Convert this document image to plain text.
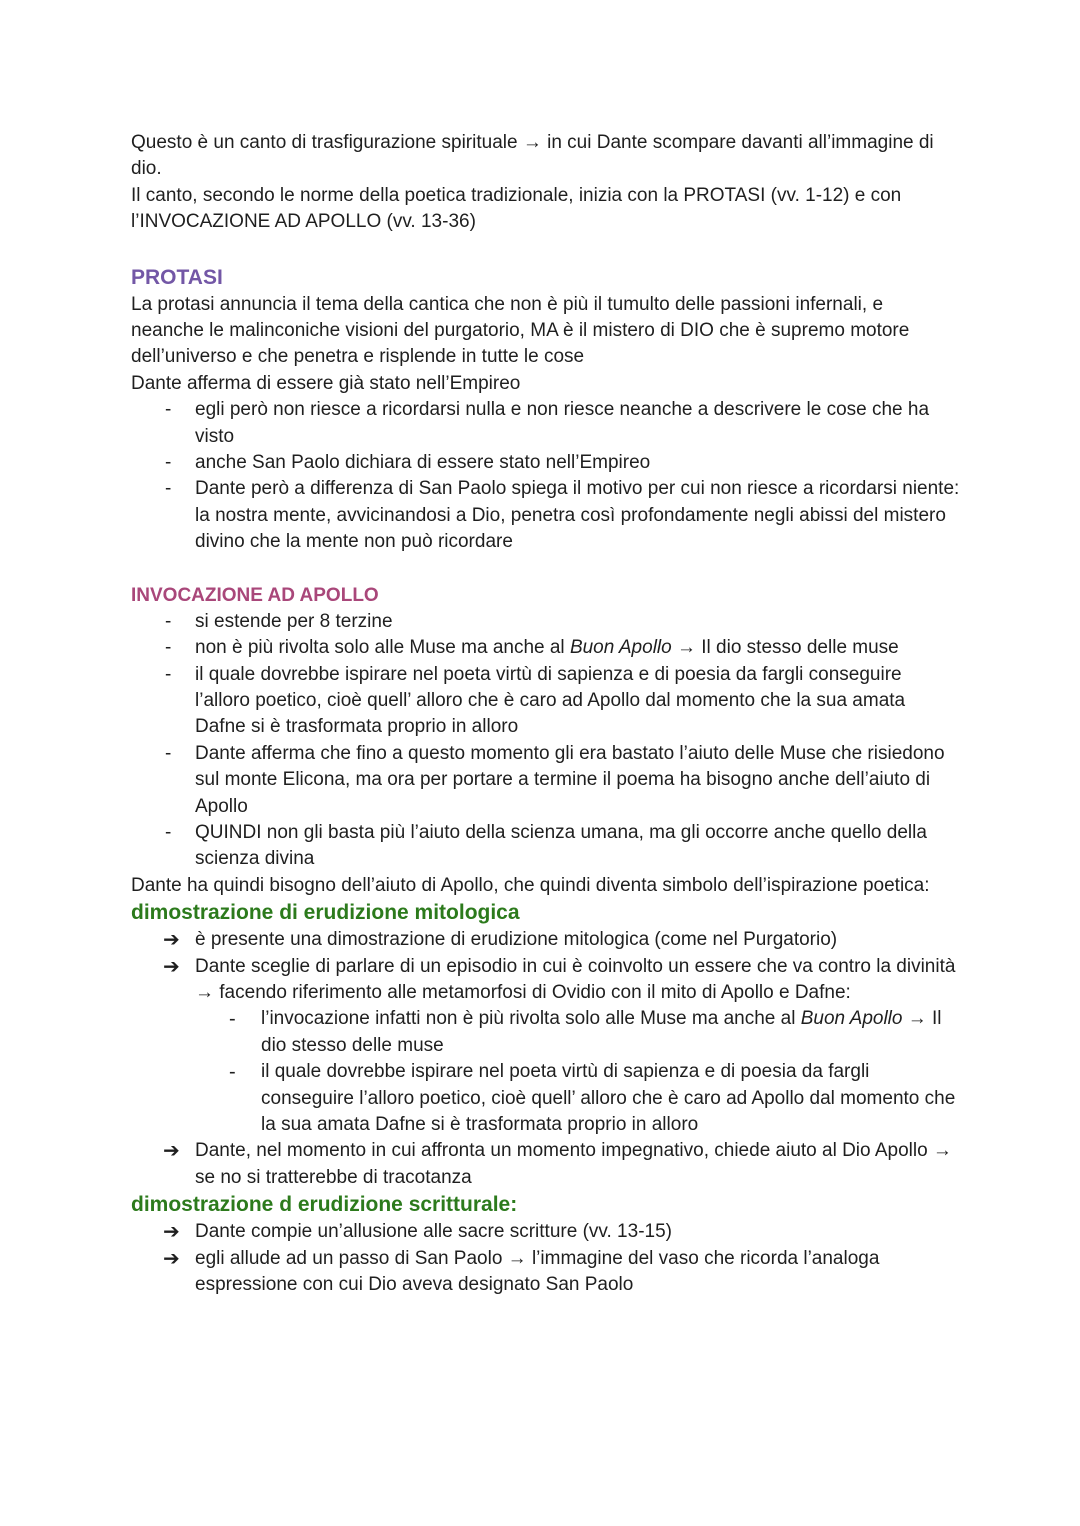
Questo è un canto di trasfigurazione spirituale → in cui Dante scompare davanti all’immagine di dio.

Il canto, secondo le norme della poetica tradizionale, inizia con la PROTASI (vv. 1-12) e con l’INVOCAZIONE AD APOLLO (vv. 13-36)

PROTASI

La protasi annuncia il tema della cantica che non è più il tumulto delle passioni infernali, e neanche le malinconiche visioni del purgatorio, MA è il mistero di DIO che è supremo motore dell’universo e che penetra e risplende in tutte le cose

Dante afferma di essere già stato nell’Empireo

- egli però non riesce a ricordarsi nulla e non riesce neanche a descrivere le cose che ha visto
- anche San Paolo dichiara di essere stato nell’Empireo
- Dante però a differenza di San Paolo spiega il motivo per cui non riesce a ricordarsi niente: la nostra mente, avvicinandosi a Dio, penetra così profondamente negli abissi del mistero divino che la mente non può ricordare
INVOCAZIONE AD APOLLO
- si estende per 8 terzine
- non è più rivolta solo alle Muse ma anche al Buon Apollo → Il dio stesso delle muse
- il quale dovrebbe ispirare nel poeta virtù di sapienza e di poesia da fargli conseguire l’alloro poetico, cioè quell’ alloro che è caro ad Apollo dal momento che la sua amata Dafne si è trasformata proprio in alloro
- Dante afferma che fino a questo momento gli era bastato l’aiuto delle Muse che risiedono sul monte Elicona, ma ora per portare a termine il poema ha bisogno anche dell’aiuto di Apollo
- QUINDI non gli basta più l’aiuto della scienza umana, ma gli occorre anche quello della scienza divina

Dante ha quindi bisogno dell’aiuto di Apollo, che quindi diventa simbolo dell’ispirazione poetica:

dimostrazione di erudizione mitologica
➔ è presente una dimostrazione di erudizione mitologica (come nel Purgatorio)
➔ Dante sceglie di parlare di un episodio in cui è coinvolto un essere che va contro la divinità → facendo riferimento alle metamorfosi di Ovidio con il mito di Apollo e Dafne:
- l’invocazione infatti non è più rivolta solo alle Muse ma anche al Buon Apollo → Il dio stesso delle muse
- il quale dovrebbe ispirare nel poeta virtù di sapienza e di poesia da fargli conseguire l’alloro poetico, cioè quell’ alloro che è caro ad Apollo dal momento che la sua amata Dafne si è trasformata proprio in alloro
➔ Dante, nel momento in cui affronta un momento impegnativo, chiede aiuto al Dio Apollo → se no si tratterebbe di tracotanza
dimostrazione d erudizione scritturale:
➔ Dante compie un’allusione alle sacre scritture (vv. 13-15)
➔ egli allude ad un passo di San Paolo → l’immagine del vaso che ricorda l’analoga espressione con cui Dio aveva designato San Paolo
